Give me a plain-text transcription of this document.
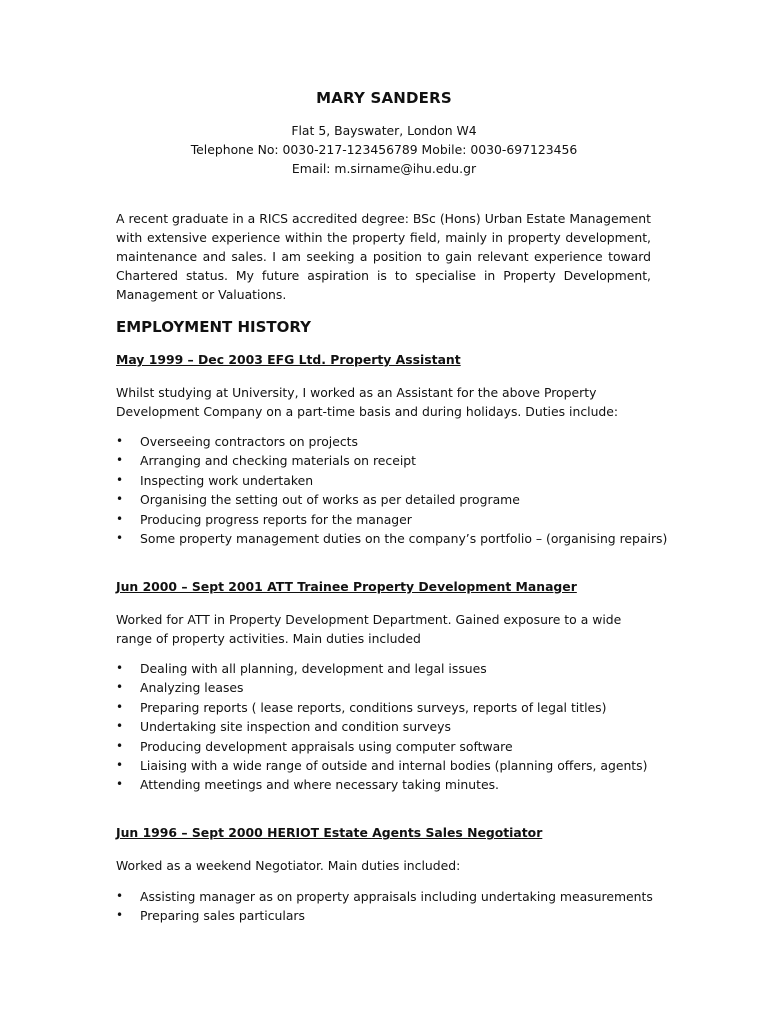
MARY SANDERS

Flat 5, Bayswater, London W4

Telephone No: 0030-217-123456789 Mobile: 0030-697123456

Email: m.sirname@ihu.edu.gr

A recent graduate in a RICS accredited degree: BSc (Hons) Urban Estate Management with extensive experience within the property field, mainly in property development, maintenance and sales. I am seeking a position to gain relevant experience toward Chartered status. My future aspiration is to specialise in Property Development, Management or Valuations.

EMPLOYMENT HISTORY

May 1999 – Dec 2003 EFG Ltd. Property Assistant

Whilst studying at University, I worked as an Assistant for the above Property Development Company on a part-time basis and during holidays. Duties include:

• Overseeing contractors on projects
• Arranging and checking materials on receipt
• Inspecting work undertaken
• Organising the setting out of works as per detailed programe
• Producing progress reports for the manager
• Some property management duties on the company’s portfolio – (organising repairs)

Jun 2000 – Sept 2001 ATT Trainee Property Development Manager

Worked for ATT in Property Development Department. Gained exposure to a wide range of property activities. Main duties included

• Dealing with all planning, development and legal issues
• Analyzing leases
• Preparing reports ( lease reports, conditions surveys, reports of legal titles)
• Undertaking site inspection and condition surveys
• Producing development appraisals using computer software
• Liaising with a wide range of outside and internal bodies (planning offers, agents)
• Attending meetings and where necessary taking minutes.

Jun 1996 – Sept 2000 HERIOT Estate Agents Sales Negotiator

Worked as a weekend Negotiator. Main duties included:

• Assisting manager as on property appraisals including undertaking measurements
• Preparing sales particulars
